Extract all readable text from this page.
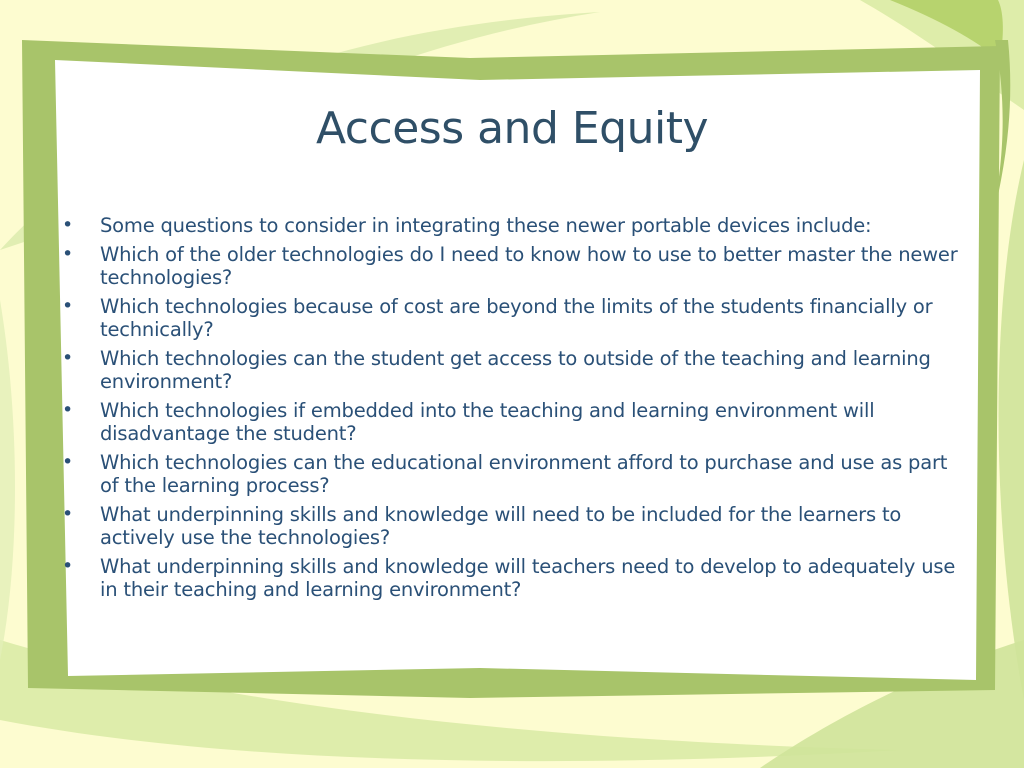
Access and Equity
• Some questions to consider in integrating these newer portable devices include:
• Which of the older technologies do I need to know how to use to better master the newer technologies?
• Which technologies because of cost are beyond the limits of the students financially or technically?
• Which technologies can the student get access to outside of the teaching and learning environment?
• Which technologies if embedded into the teaching and learning environment will disadvantage the student?
• Which technologies can the educational environment afford to purchase and use as part of the learning process?
• What underpinning skills and knowledge will need to be included for the learners to actively use the technologies?
• What underpinning skills and knowledge will teachers need to develop to adequately use in their teaching and learning environment?
